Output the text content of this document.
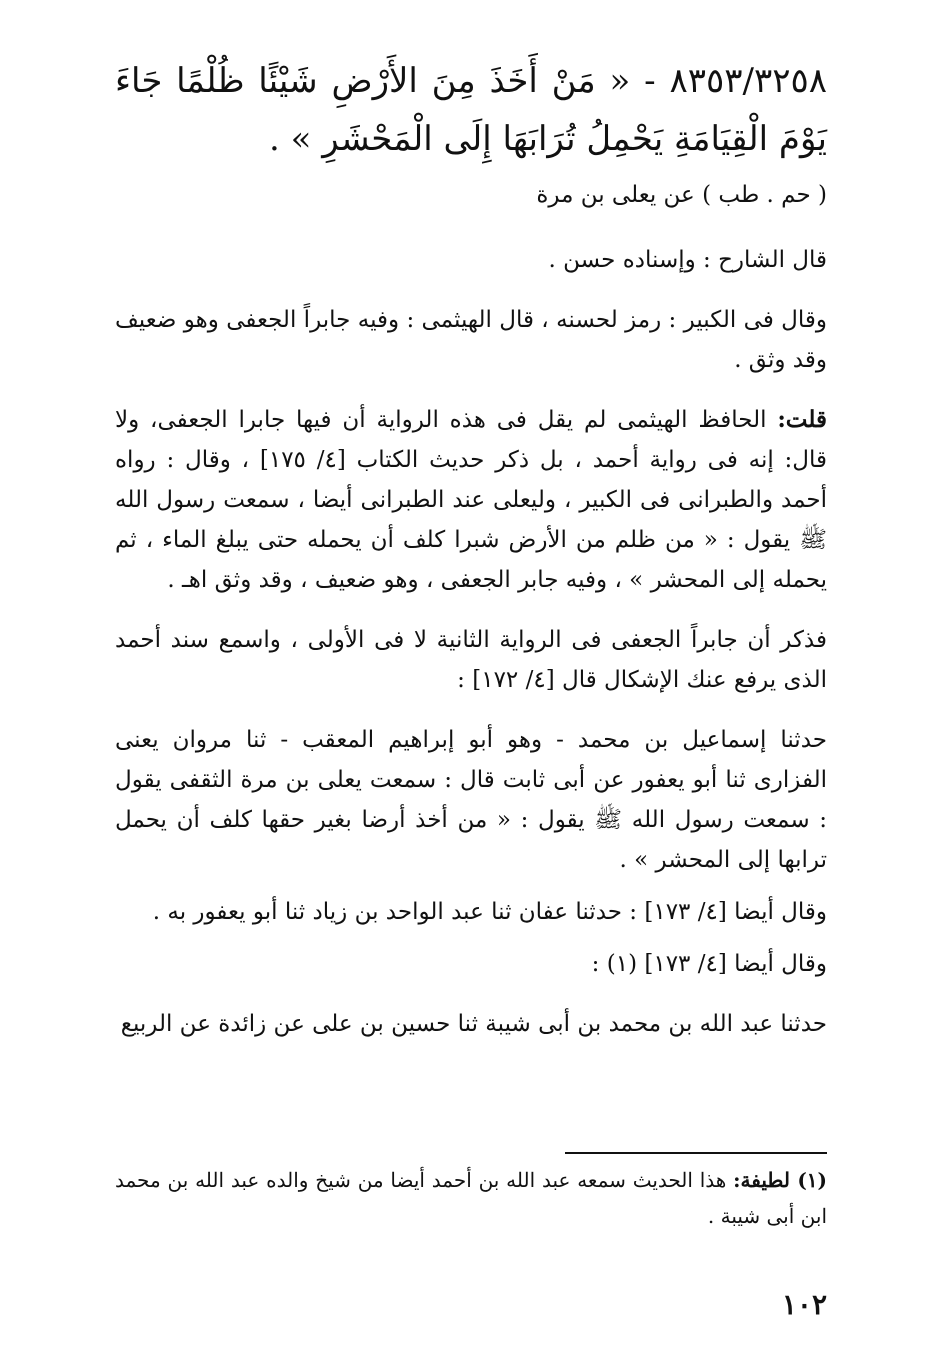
٨٣٥٣/٣٢٥٨ - « مَنْ أَخَذَ مِنَ الأَرْضِ شَيْئًا ظُلْمًا جَاءَ يَوْمَ الْقِيَامَةِ يَحْمِلُ تُرَابَهَا إِلَى الْمَحْشَرِ » .

( حم . طب ) عن يعلى بن مرة

قال الشارح : وإسناده حسن .

وقال فى الكبير : رمز لحسنه ، قال الهيثمى : وفيه جابراً الجعفى وهو ضعيف وقد وثق .

قلت: الحافظ الهيثمى لم يقل فى هذه الرواية أن فيها جابرا الجعفى، ولا قال: إنه فى رواية أحمد ، بل ذكر حديث الكتاب [٤/ ١٧٥] ، وقال : رواه أحمد والطبرانى فى الكبير ، وليعلى عند الطبرانى أيضا ، سمعت رسول الله ﷺ يقول : « من ظلم من الأرض شبرا كلف أن يحمله حتى يبلغ الماء ، ثم يحمله إلى المحشر » ، وفيه جابر الجعفى ، وهو ضعيف ، وقد وثق اهـ .

فذكر أن جابراً الجعفى فى الرواية الثانية لا فى الأولى ، واسمع سند أحمد الذى يرفع عنك الإشكال قال [٤/ ١٧٢] :

حدثنا إسماعيل بن محمد - وهو أبو إبراهيم المعقب - ثنا مروان يعنى الفزارى ثنا أبو يعفور عن أبى ثابت قال : سمعت يعلى بن مرة الثقفى يقول : سمعت رسول الله ﷺ يقول : « من أخذ أرضا بغير حقها كلف أن يحمل ترابها إلى المحشر » .

وقال أيضا [٤/ ١٧٣] : حدثنا عفان ثنا عبد الواحد بن زياد ثنا أبو يعفور به .

وقال أيضا [٤/ ١٧٣] (١) :

حدثنا عبد الله بن محمد بن أبى شيبة ثنا حسين بن على عن زائدة عن الربيع

(١) لطيفة: هذا الحديث سمعه عبد الله بن أحمد أيضا من شيخ والده عبد الله بن محمد ابن أبى شيبة .

١٠٢
